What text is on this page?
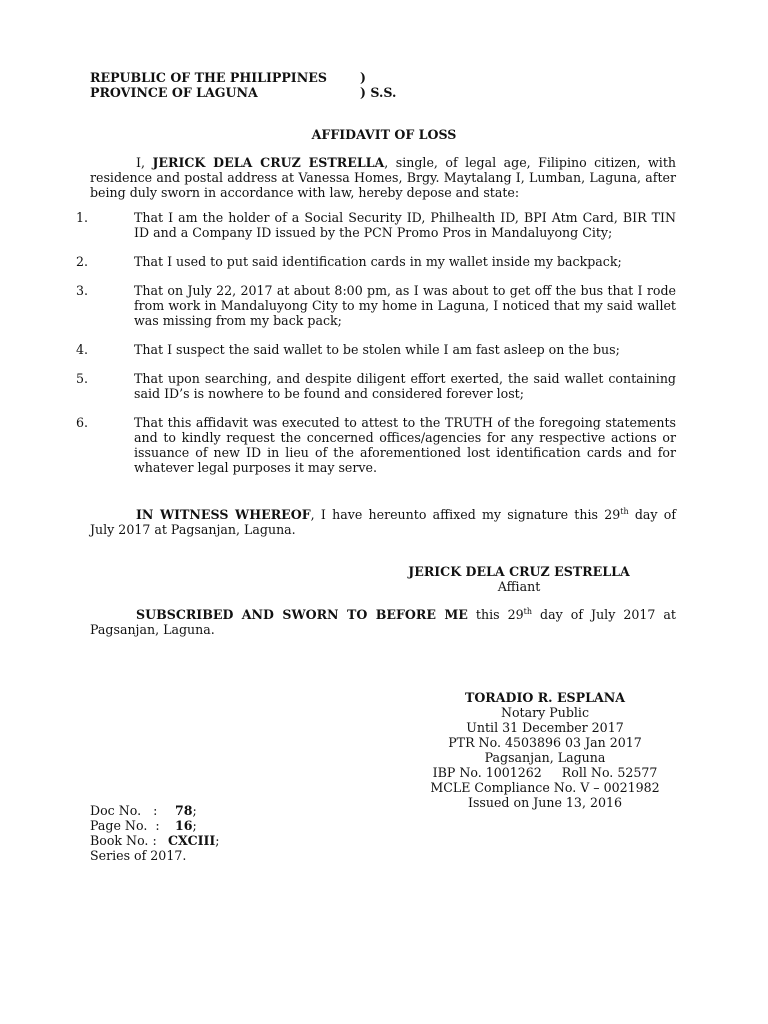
REPUBLIC OF THE PHILIPPINES	)
PROVINCE OF LAGUNA	) S.S.
AFFIDAVIT OF LOSS
I, JERICK DELA CRUZ ESTRELLA, single, of legal age, Filipino citizen, with residence and postal address at Vanessa Homes, Brgy. Maytalang I, Lumban, Laguna, after being duly sworn in accordance with law, hereby depose and state:
1.	That I am the holder of a Social Security ID, Philhealth ID, BPI Atm Card, BIR TIN ID and a Company ID issued by the PCN Promo Pros in Mandaluyong City;
2.	That I used to put said identification cards in my wallet inside my backpack;
3.	That on July 22, 2017 at about 8:00 pm, as I was about to get off the bus that I rode from work in Mandaluyong City to my home in Laguna, I noticed that my said wallet was missing from my back pack;
4.	That I suspect the said wallet to be stolen while I am fast asleep on the bus;
5.	That upon searching, and despite diligent effort exerted, the said wallet containing said ID’s is nowhere to be found and considered forever lost;
6.	That this affidavit was executed to attest to the TRUTH of the foregoing statements and to kindly request the concerned offices/agencies for any respective actions or issuance of new ID in lieu of the aforementioned lost identification cards and for whatever legal purposes it may serve.
IN WITNESS WHEREOF, I have hereunto affixed my signature this 29th day of July 2017 at Pagsanjan, Laguna.
JERICK DELA CRUZ ESTRELLA
Affiant
SUBSCRIBED AND SWORN TO BEFORE ME this 29th day of July 2017 at Pagsanjan, Laguna.
TORADIO R. ESPLANA
Notary Public
Until 31 December 2017
PTR No. 4503896 03 Jan 2017
Pagsanjan, Laguna
IBP No. 1001262     Roll No. 52577
MCLE Compliance No. V – 0021982
Issued on June 13, 2016
Doc No.   : 78;
Page No.  : 16;
Book No. : CXCIII;
Series of 2017.
